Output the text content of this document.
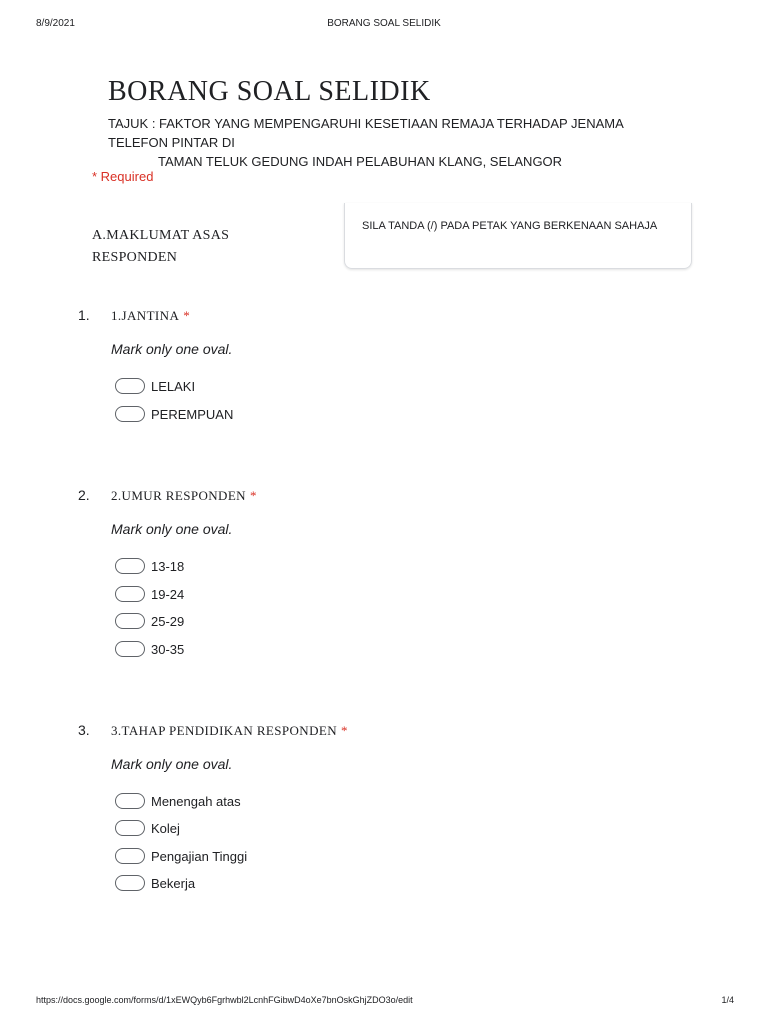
8/9/2021	BORANG SOAL SELIDIK
BORANG SOAL SELIDIK
TAJUK : FAKTOR YANG MEMPENGARUHI KESETIAAN REMAJA TERHADAP JENAMA
TELEFON PINTAR DI
TAMAN TELUK GEDUNG INDAH PELABUHAN KLANG, SELANGOR
* Required
SILA TANDA (/) PADA PETAK YANG BERKENAAN SAHAJA
A.MAKLUMAT ASAS RESPONDEN
1. 1.JANTINA *
Mark only one oval.
LELAKI
PEREMPUAN
2. 2.UMUR RESPONDEN *
Mark only one oval.
13-18
19-24
25-29
30-35
3. 3.TAHAP PENDIDIKAN RESPONDEN *
Mark only one oval.
Menengah atas
Kolej
Pengajian Tinggi
Bekerja
https://docs.google.com/forms/d/1xEWQyb6Fgrhwbl2LcnhFGibwD4oXe7bnOskGhjZDO3o/edit	1/4
